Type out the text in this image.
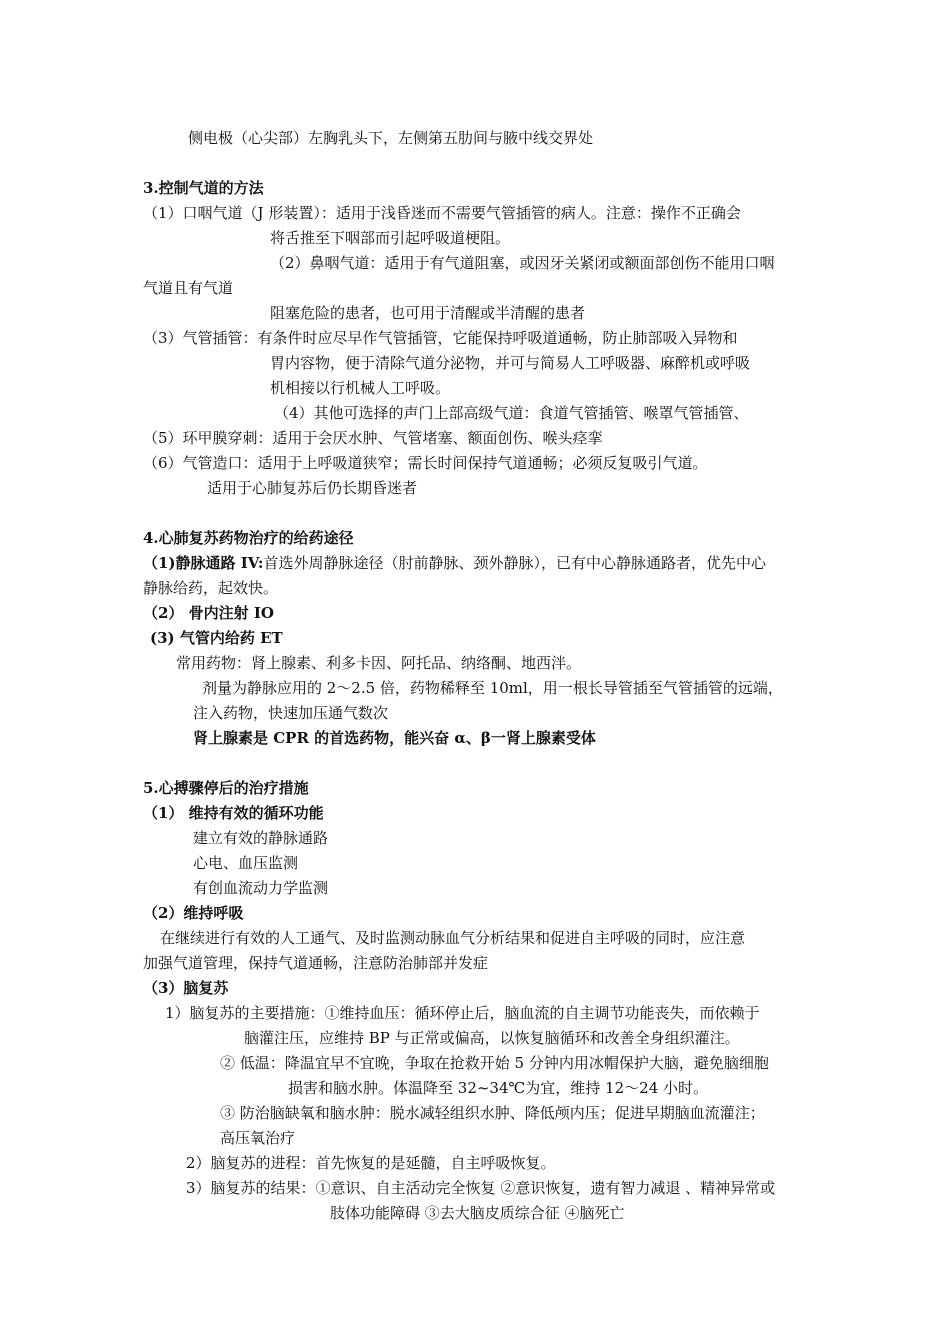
侧电极（心尖部）左胸乳头下，左侧第五肋间与腋中线交界处
3.控制气道的方法
（1）口咽气道（J 形装置）：适用于浅昏迷而不需要气管插管的病人。注意：操作不正确会
将舌推至下咽部而引起呼吸道梗阻。
（2）鼻咽气道：适用于有气道阻塞，或因牙关紧闭或额面部创伤不能用口咽
气道且有气道
阻塞危险的患者，也可用于清醒或半清醒的患者
（3）气管插管：有条件时应尽早作气管插管，它能保持呼吸道通畅，防止肺部吸入异物和
胃内容物，便于清除气道分泌物，并可与简易人工呼吸器、麻醉机或呼吸
机相接以行机械人工呼吸。
（4）其他可选择的声门上部高级气道：食道气管插管、喉罩气管插管、
（5）环甲膜穿刺：适用于会厌水肿、气管堵塞、额面创伤、喉头痉挛
（6）气管造口：适用于上呼吸道狭窄；需长时间保持气道通畅；必须反复吸引气道。
适用于心肺复苏后仍长期昏迷者
4.心肺复苏药物治疗的给药途径
（1)静脉通路 IV:首选外周静脉途径（肘前静脉、颈外静脉），已有中心静脉通路者，优先中心
静脉给药，起效快。
（2） 骨内注射 IO
(3) 气管内给药 ET
常用药物：肾上腺素、利多卡因、阿托品、纳络酮、地西泮。
剂量为静脉应用的 2～2.5 倍，药物稀释至 10ml，用一根长导管插至气管插管的远端，
注入药物，快速加压通气数次
肾上腺素是 CPR 的首选药物，能兴奋 α、β一肾上腺素受体
5.心搏骤停后的治疗措施
（1） 维持有效的循环功能
建立有效的静脉通路
心电、血压监测
有创血流动力学监测
（2）维持呼吸
在继续进行有效的人工通气、及时监测动脉血气分析结果和促进自主呼吸的同时，应注意
加强气道管理，保持气道通畅，注意防治肺部并发症
（3）脑复苏
1）脑复苏的主要措施：①维持血压：循环停止后，脑血流的自主调节功能丧失，而依赖于
脑灌注压，应维持 BP 与正常或偏高，以恢复脑循环和改善全身组织灌注。
② 低温：降温宜早不宜晚，争取在抢救开始 5 分钟内用冰帽保护大脑，避免脑细胞
损害和脑水肿。体温降至 32~34℃为宜，维持 12～24 小时。
③ 防治脑缺氧和脑水肿：脱水减轻组织水肿、降低颅内压；促进早期脑血流灌注；
高压氧治疗
2）脑复苏的进程：首先恢复的是延髓，自主呼吸恢复。
3）脑复苏的结果：①意识、自主活动完全恢复 ②意识恢复，遗有智力减退 、精神异常或
肢体功能障碍 ③去大脑皮质综合征 ④脑死亡
